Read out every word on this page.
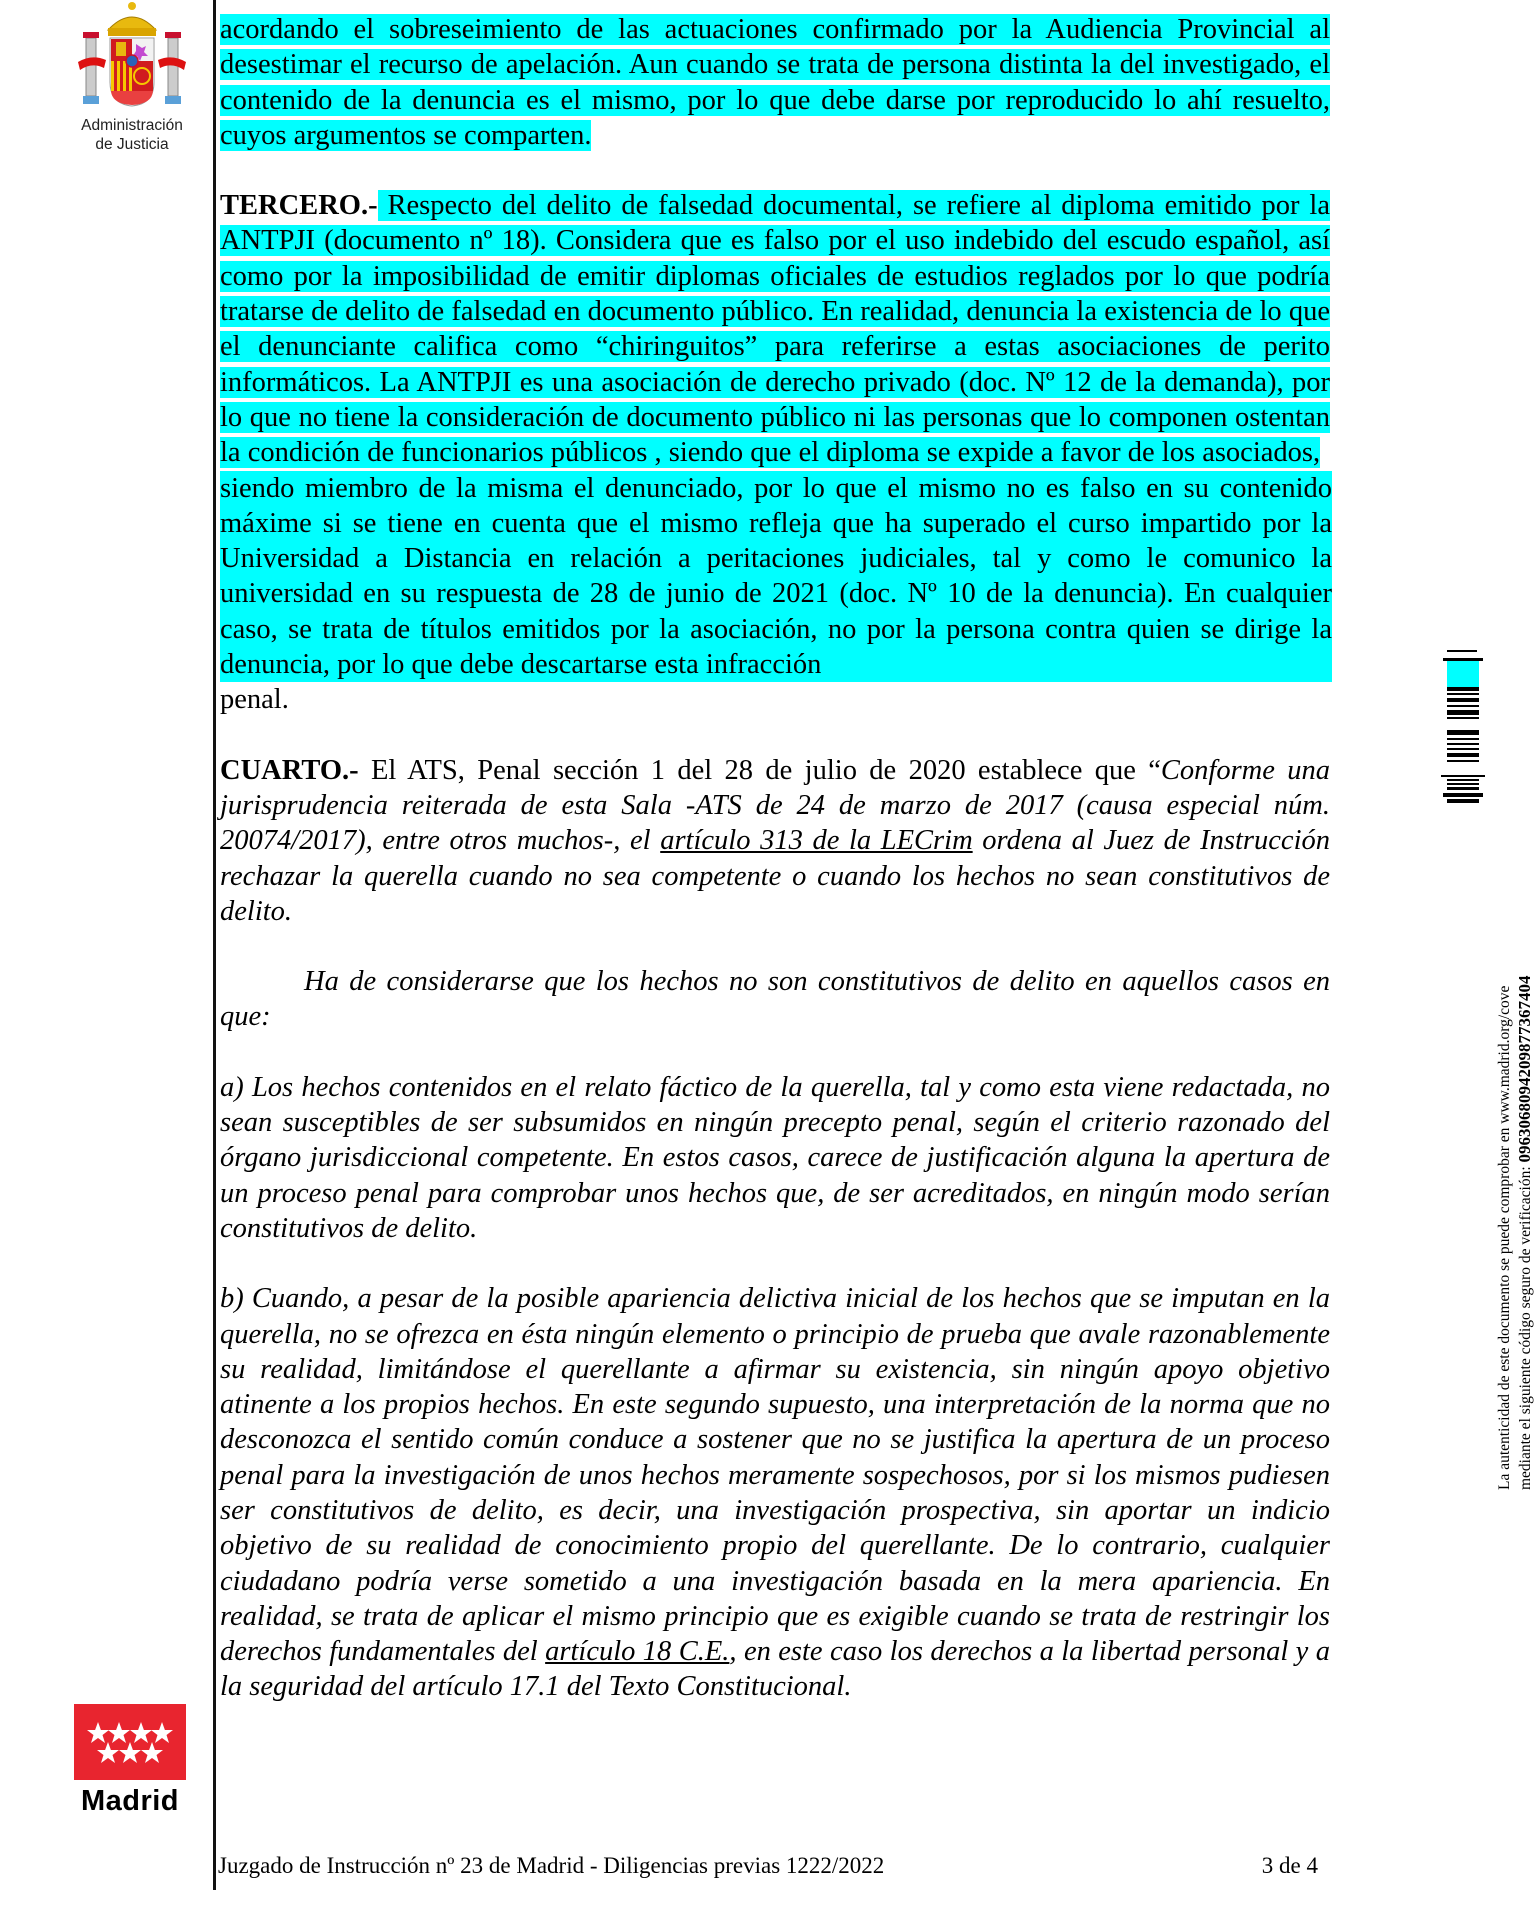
Administración
de Justicia

acordando el sobreseimiento de las actuaciones confirmado por la Audiencia Provincial al desestimar el recurso de apelación. Aun cuando se trata de persona distinta la del investigado, el contenido de la denuncia es el mismo, por lo que debe darse por reproducido lo ahí resuelto, cuyos argumentos se comparten.

TERCERO.- Respecto del delito de falsedad documental, se refiere al diploma emitido por la ANTPJI (documento nº 18). Considera que es falso por el uso indebido del escudo español, así como por la imposibilidad de emitir diplomas oficiales de estudios reglados por lo que podría tratarse de delito de falsedad en documento público. En realidad, denuncia la existencia de lo que el denunciante califica como “chiringuitos” para referirse a estas asociaciones de perito informáticos. La ANTPJI es una asociación de derecho privado (doc. Nº 12 de la demanda), por lo que no tiene la consideración de documento público ni las personas que lo componen ostentan la condición de funcionarios públicos , siendo que el diploma se expide a favor de los asociados,

siendo miembro de la misma el denunciado, por lo que el mismo no es falso en su contenido máxime si se tiene en cuenta que el mismo refleja que ha superado el curso impartido por la Universidad a Distancia en relación a peritaciones judiciales, tal y como le comunico la universidad en su respuesta de 28 de junio de 2021 (doc. Nº 10 de la denuncia). En cualquier caso, se trata de títulos emitidos por la asociación, no por la persona contra quien se dirige la denuncia, por lo que debe descartarse esta infracción

penal.

CUARTO.- El ATS, Penal sección 1 del 28 de julio de 2020 establece que “Conforme una jurisprudencia reiterada de esta Sala -ATS de 24 de marzo de 2017 (causa especial núm. 20074/2017), entre otros muchos-, el artículo 313 de la LECrim ordena al Juez de Instrucción rechazar la querella cuando no sea competente o cuando los hechos no sean constitutivos de delito.

Ha de considerarse que los hechos no son constitutivos de delito en aquellos casos en que:

a) Los hechos contenidos en el relato fáctico de la querella, tal y como esta viene redactada, no sean susceptibles de ser subsumidos en ningún precepto penal, según el criterio razonado del órgano jurisdiccional competente. En estos casos, carece de justificación alguna la apertura de un proceso penal para comprobar unos hechos que, de ser acreditados, en ningún modo serían constitutivos de delito.

b) Cuando, a pesar de la posible apariencia delictiva inicial de los hechos que se imputan en la querella, no se ofrezca en ésta ningún elemento o principio de prueba que avale razonablemente su realidad, limitándose el querellante a afirmar su existencia, sin ningún apoyo objetivo atinente a los propios hechos. En este segundo supuesto, una interpretación de la norma que no desconozca el sentido común conduce a sostener que no se justifica la apertura de un proceso penal para la investigación de unos hechos meramente sospechosos, por si los mismos pudiesen ser constitutivos de delito, es decir, una investigación prospectiva, sin aportar un indicio objetivo de su realidad de conocimiento propio del querellante. De lo contrario, cualquier ciudadano podría verse sometido a una investigación basada en la mera apariencia. En realidad, se trata de aplicar el mismo principio que es exigible cuando se trata de restringir los derechos fundamentales del artículo 18 C.E., en este caso los derechos a la libertad personal y a la seguridad del artículo 17.1 del Texto Constitucional.

Madrid
Juzgado de Instrucción nº 23 de Madrid - Diligencias previas 1222/2022	3 de 4
La autenticidad de este documento se puede comprobar en www.madrid.org/cove mediante el siguiente código seguro de verificación: 0963068094209877367404
